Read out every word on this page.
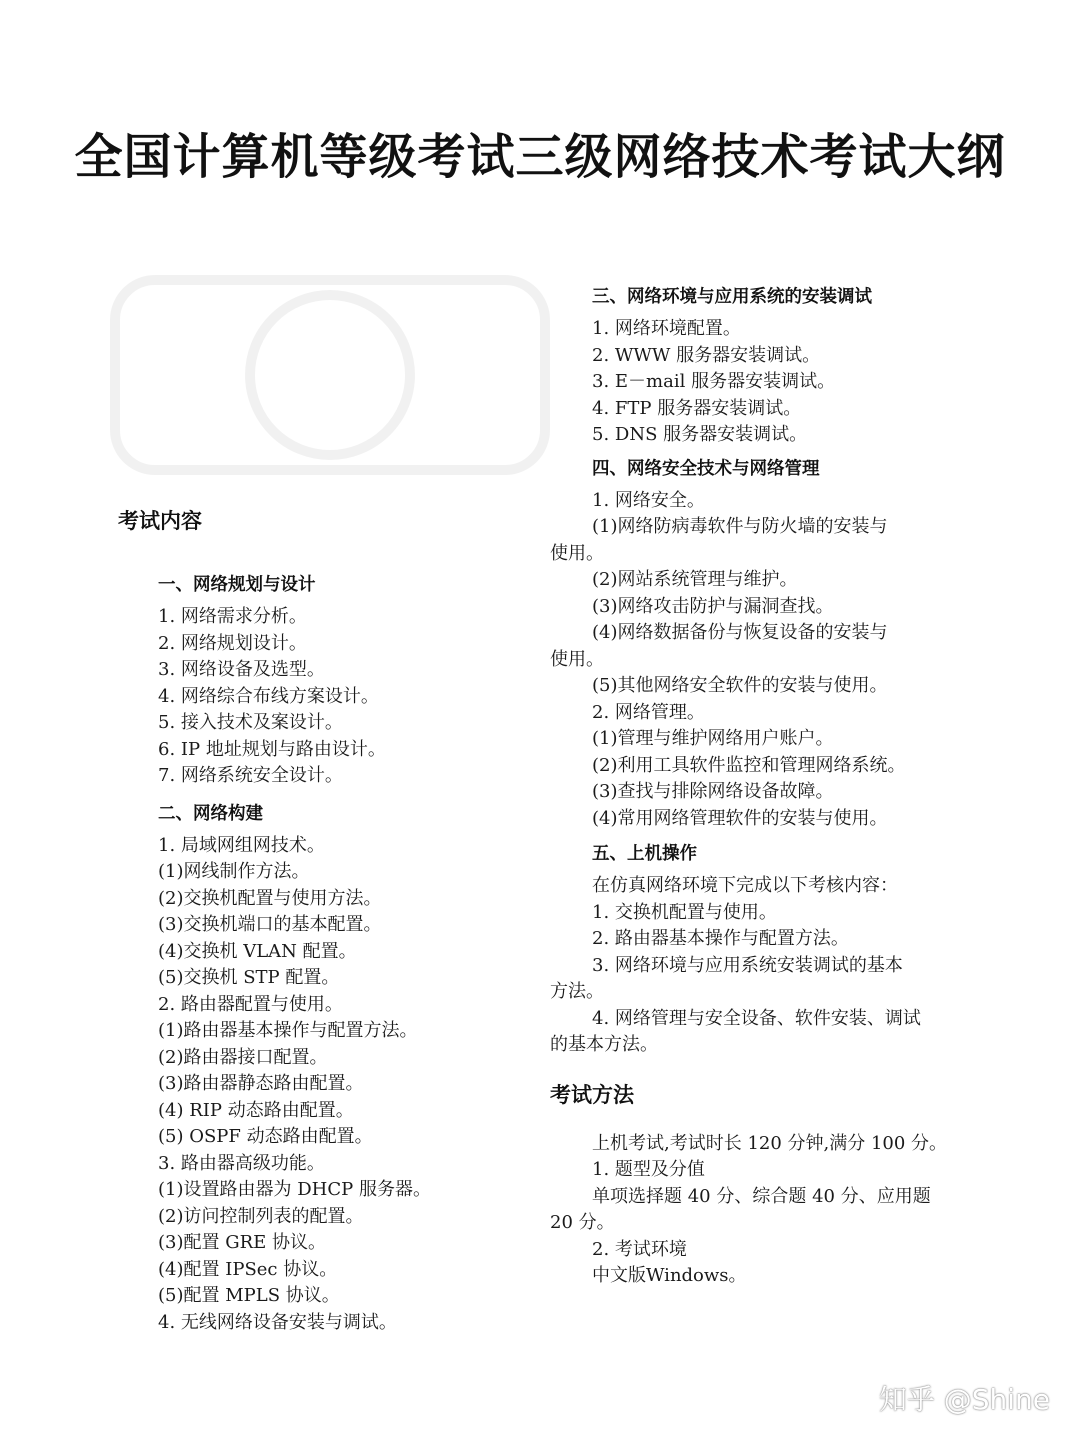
全国计算机等级考试三级网络技术考试大纲
考试内容
一、网络规划与设计
1. 网络需求分析。
2. 网络规划设计。
3. 网络设备及选型。
4. 网络综合布线方案设计。
5. 接入技术及案设计。
6. IP 地址规划与路由设计。
7. 网络系统安全设计。
二、网络构建
1. 局域网组网技术。
(1)网线制作方法。
(2)交换机配置与使用方法。
(3)交换机端口的基本配置。
(4)交换机 VLAN 配置。
(5)交换机 STP 配置。
2. 路由器配置与使用。
(1)路由器基本操作与配置方法。
(2)路由器接口配置。
(3)路由器静态路由配置。
(4) RIP 动态路由配置。
(5) OSPF 动态路由配置。
3. 路由器高级功能。
(1)设置路由器为 DHCP 服务器。
(2)访问控制列表的配置。
(3)配置 GRE 协议。
(4)配置 IPSec 协议。
(5)配置 MPLS 协议。
4. 无线网络设备安装与调试。
三、网络环境与应用系统的安装调试
1. 网络环境配置。
2. WWW 服务器安装调试。
3. E－mail 服务器安装调试。
4. FTP 服务器安装调试。
5. DNS 服务器安装调试。
四、网络安全技术与网络管理
1. 网络安全。
(1)网络防病毒软件与防火墙的安装与
使用。
(2)网站系统管理与维护。
(3)网络攻击防护与漏洞查找。
(4)网络数据备份与恢复设备的安装与
使用。
(5)其他网络安全软件的安装与使用。
2. 网络管理。
(1)管理与维护网络用户账户。
(2)利用工具软件监控和管理网络系统。
(3)查找与排除网络设备故障。
(4)常用网络管理软件的安装与使用。
五、上机操作
在仿真网络环境下完成以下考核内容：
1. 交换机配置与使用。
2. 路由器基本操作与配置方法。
3. 网络环境与应用系统安装调试的基本
方法。
4. 网络管理与安全设备、软件安装、调试
的基本方法。
考试方法
上机考试,考试时长 120 分钟,满分 100 分。
1. 题型及分值
单项选择题 40 分、综合题 40 分、应用题
20 分。
2. 考试环境
中文版Windows。
知乎 @Shine
